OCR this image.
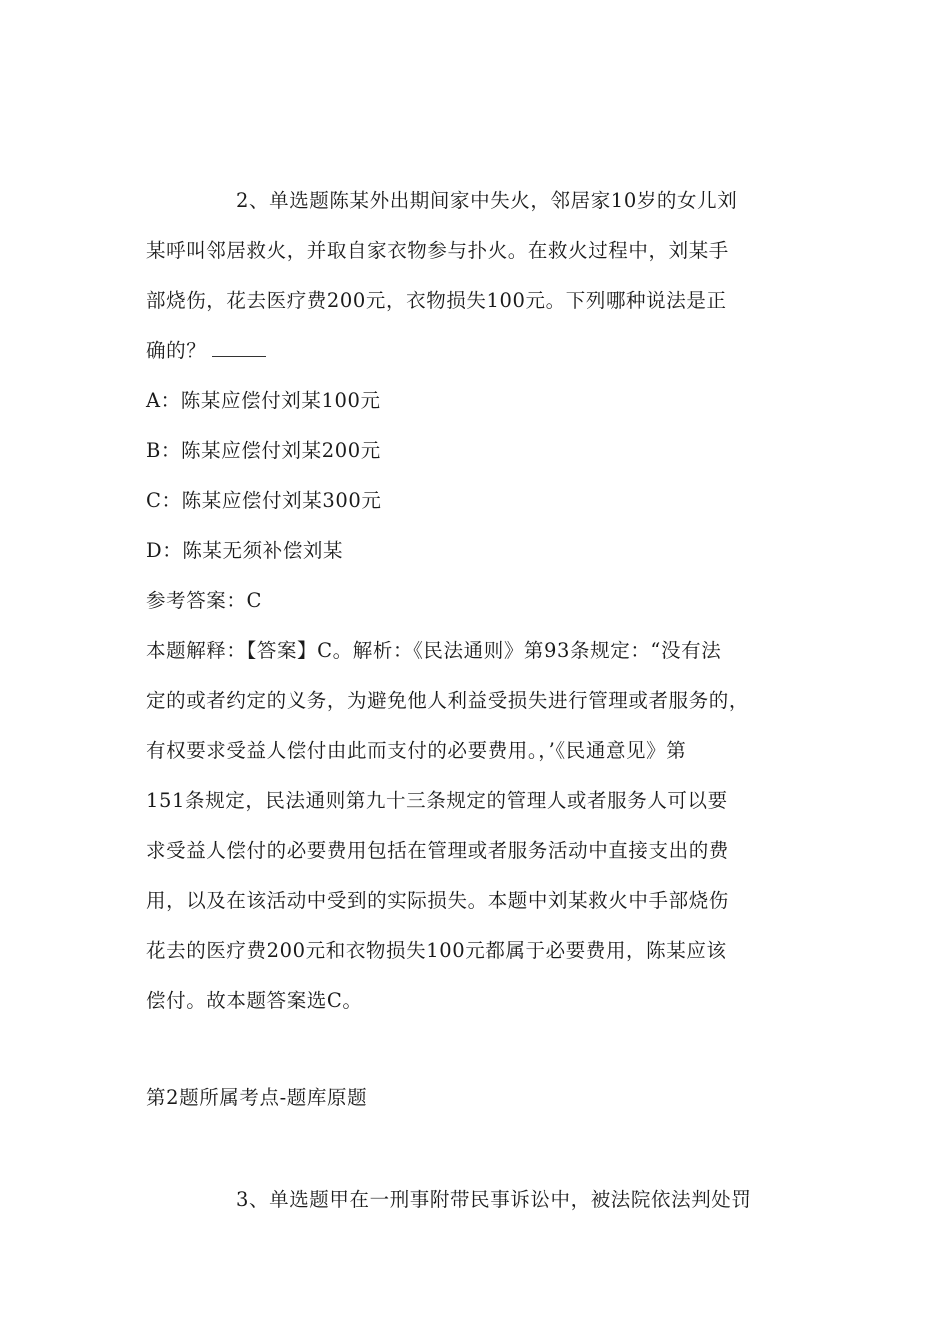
2、单选题陈某外出期间家中失火，邻居家10岁的女儿刘
某呼叫邻居救火，并取自家衣物参与扑火。在救火过程中，刘某手
部烧伤，花去医疗费200元，衣物损失100元。下列哪种说法是正
确的？
A：陈某应偿付刘某100元
B：陈某应偿付刘某200元
C：陈某应偿付刘某300元
D：陈某无须补偿刘某
参考答案：C
本题解释：【答案】C。解析：《民法通则》第93条规定：“没有法
定的或者约定的义务，为避免他人利益受损失进行管理或者服务的，
有权要求受益人偿付由此而支付的必要费用。，’《民通意见》第
151条规定，民法通则第九十三条规定的管理人或者服务人可以要
求受益人偿付的必要费用包括在管理或者服务活动中直接支出的费
用，以及在该活动中受到的实际损失。本题中刘某救火中手部烧伤
花去的医疗费200元和衣物损失100元都属于必要费用，陈某应该
偿付。故本题答案选C。
第2题所属考点-题库原题
3、单选题甲在一刑事附带民事诉讼中，被法院依法判处罚
